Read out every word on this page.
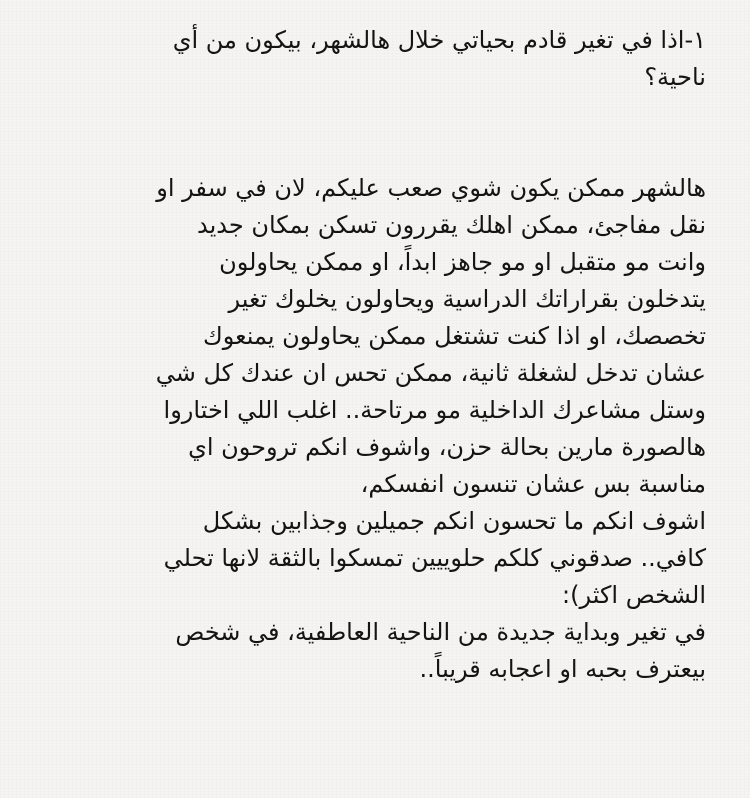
١-اذا في تغير قادم بحياتي خلال هالشهر، بيكون من أي
ناحية؟
هالشهر ممكن يكون شوي صعب عليكم، لان في سفر او
نقل مفاجئ، ممكن اهلك يقررون تسكن بمكان جديد
وانت مو متقبل او مو جاهز ابداً، او ممكن يحاولون
يتدخلون بقراراتك الدراسية ويحاولون يخلوك تغير
تخصصك، او اذا كنت تشتغل ممكن يحاولون يمنعوك
عشان تدخل لشغلة ثانية، ممكن تحس ان عندك كل شي
وستل مشاعرك الداخلية مو مرتاحة.. اغلب اللي اختاروا
هالصورة مارين بحالة حزن، واشوف انكم تروحون اي
مناسبة بس عشان تنسون انفسكم،
اشوف انكم ما تحسون انكم جميلين وجذابين بشكل
كافي.. صدقوني كلكم حلوييين تمسكوا بالثقة لانها تحلي
الشخص اكثر):
في تغير وبداية جديدة من الناحية العاطفية، في شخص
بيعترف بحبه او اعجابه قريباً..
